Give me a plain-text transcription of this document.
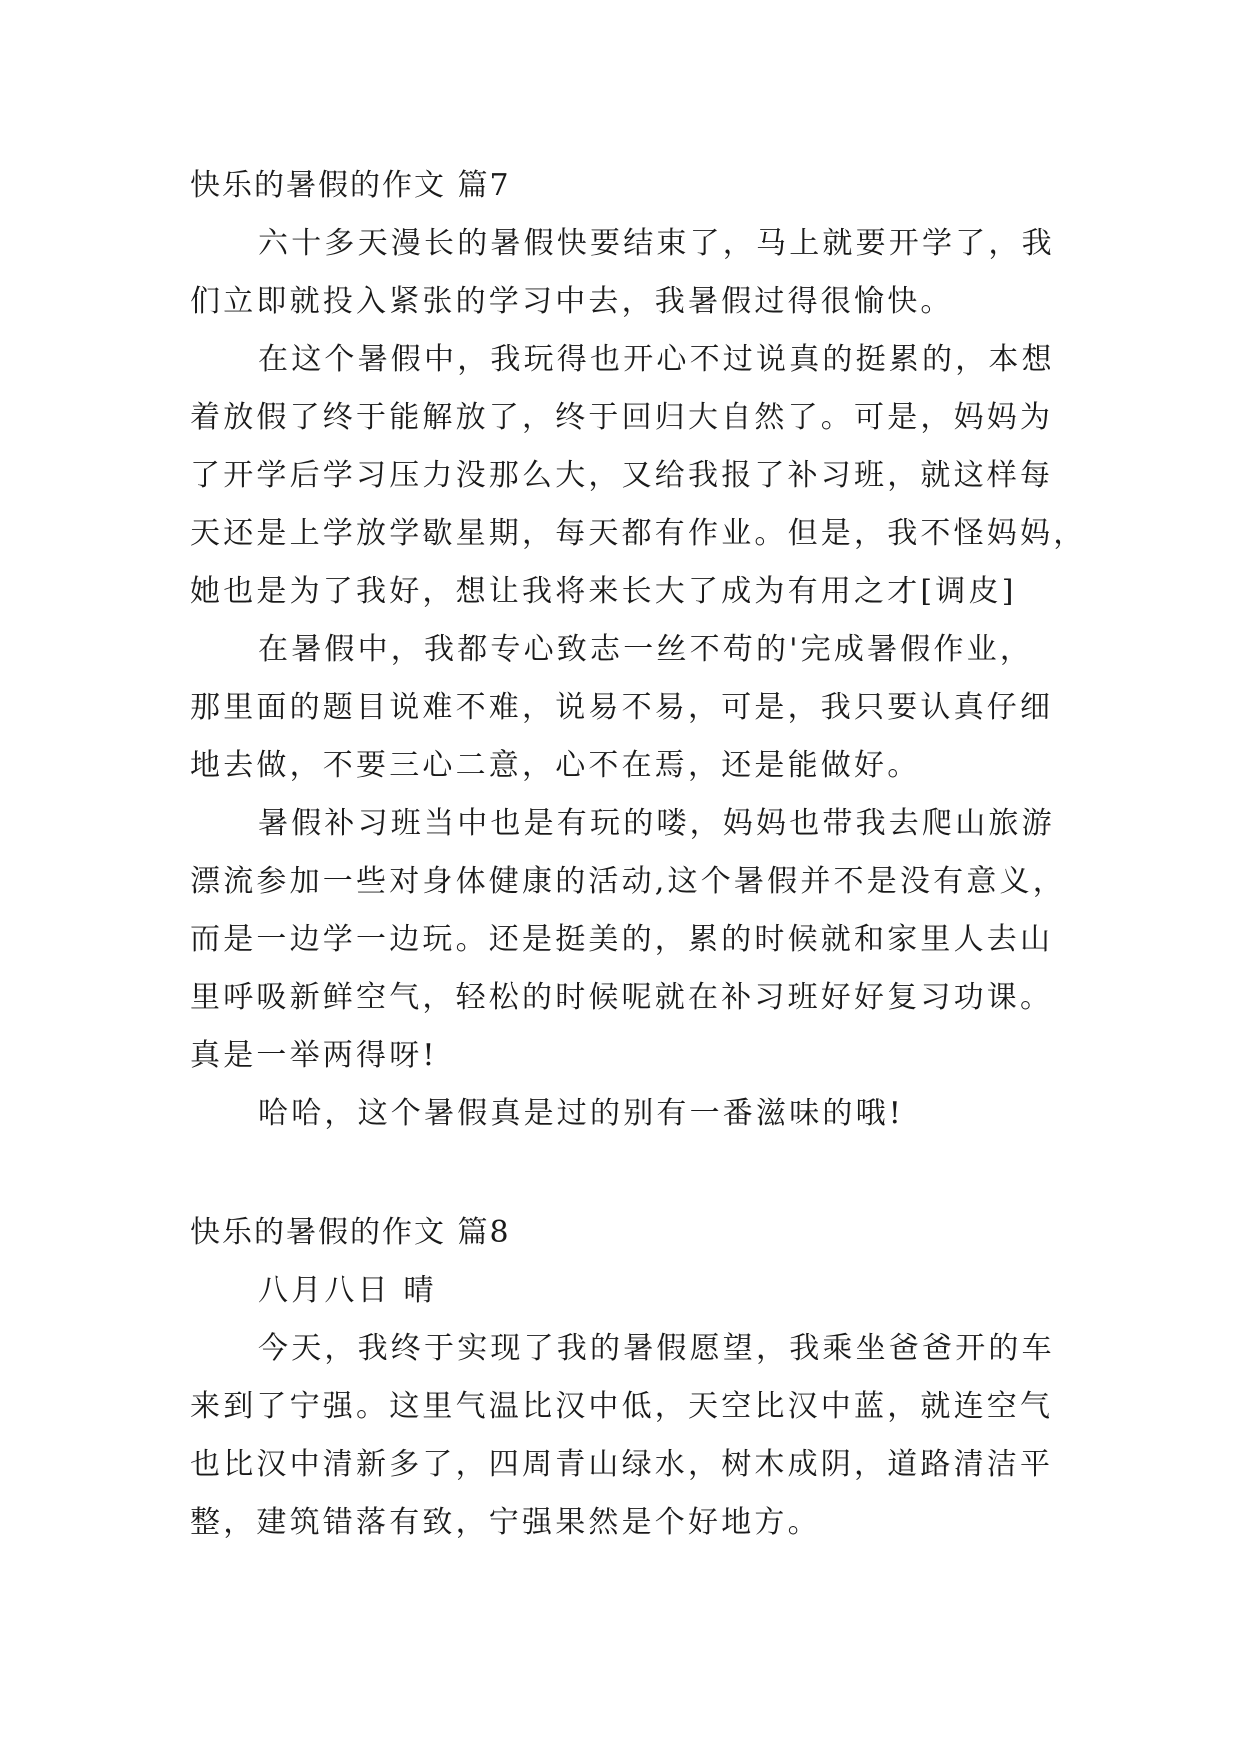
快乐的暑假的作文 篇7
六十多天漫长的暑假快要结束了，马上就要开学了，我
们立即就投入紧张的学习中去，我暑假过得很愉快。
在这个暑假中，我玩得也开心不过说真的挺累的，本想
着放假了终于能解放了，终于回归大自然了。可是，妈妈为
了开学后学习压力没那么大，又给我报了补习班，就这样每
天还是上学放学歇星期，每天都有作业。但是，我不怪妈妈，
她也是为了我好，想让我将来长大了成为有用之才[调皮]
在暑假中，我都专心致志一丝不苟的'完成暑假作业，
那里面的题目说难不难，说易不易，可是，我只要认真仔细
地去做，不要三心二意，心不在焉，还是能做好。
暑假补习班当中也是有玩的喽，妈妈也带我去爬山旅游
漂流参加一些对身体健康的活动,这个暑假并不是没有意义，
而是一边学一边玩。还是挺美的，累的时候就和家里人去山
里呼吸新鲜空气，轻松的时候呢就在补习班好好复习功课。
真是一举两得呀!
哈哈，这个暑假真是过的别有一番滋味的哦!
快乐的暑假的作文 篇8
八月八日 晴
今天，我终于实现了我的暑假愿望，我乘坐爸爸开的车
来到了宁强。这里气温比汉中低，天空比汉中蓝，就连空气
也比汉中清新多了，四周青山绿水，树木成阴，道路清洁平
整，建筑错落有致，宁强果然是个好地方。
